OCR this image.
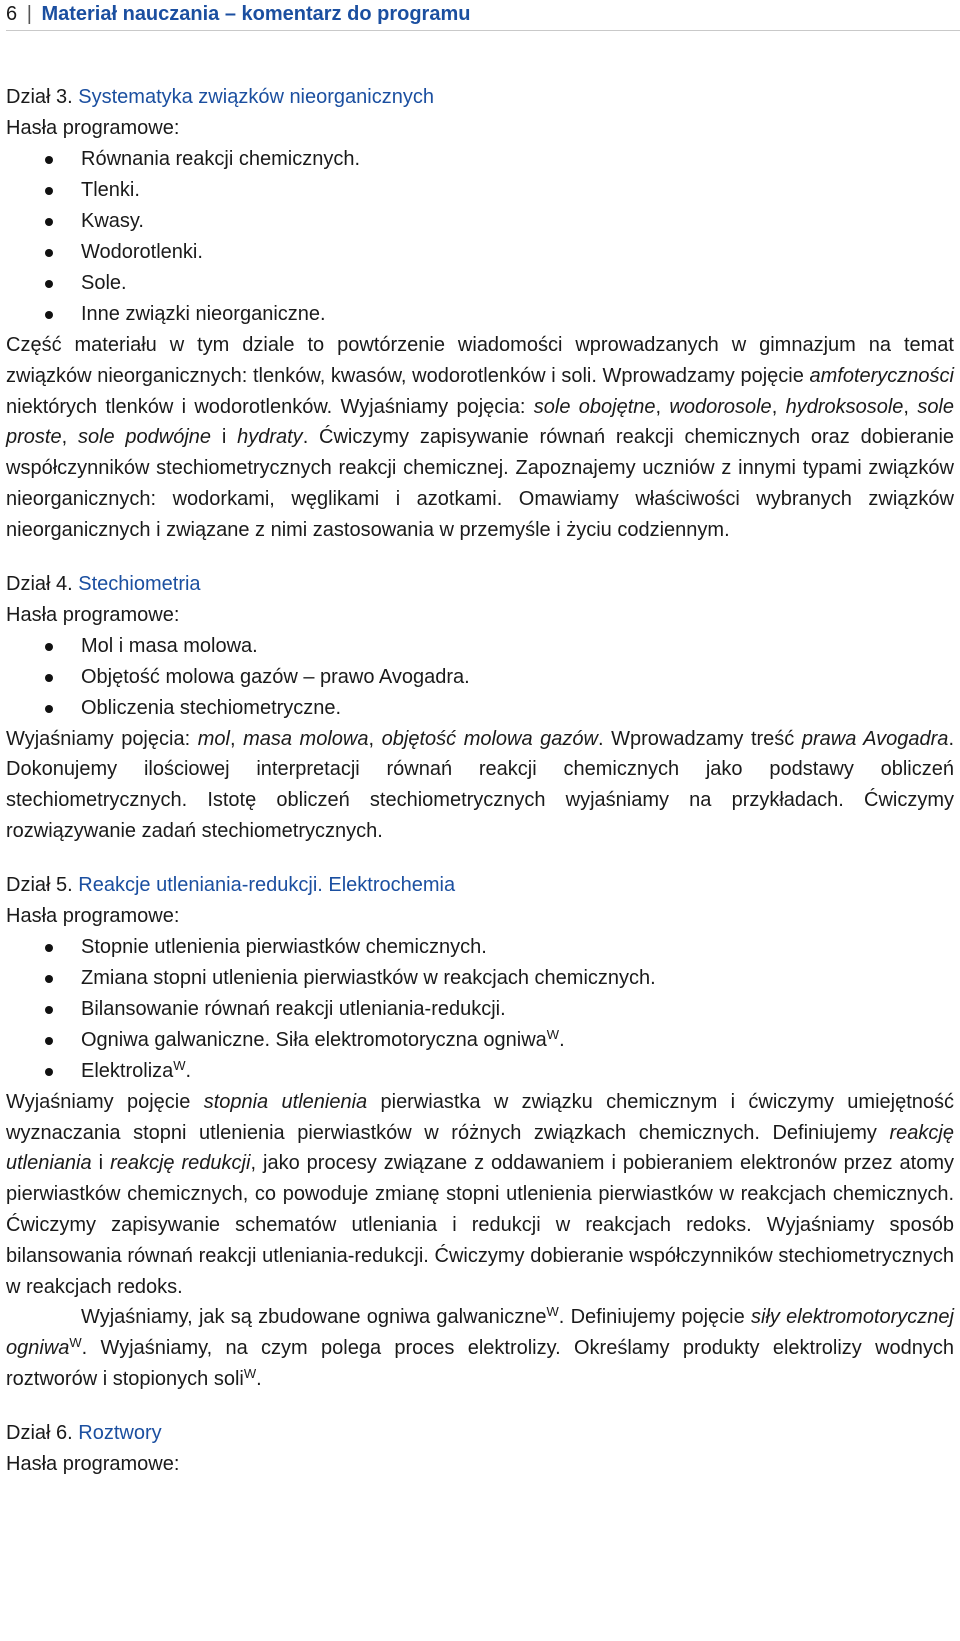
6 | Materiał nauczania – komentarz do programu
Dział 3. Systematyka związków nieorganicznych

Hasła programowe:

Równania reakcji chemicznych.
Tlenki.
Kwasy.
Wodorotlenki.
Sole.
Inne związki nieorganiczne.

Część materiału w tym dziale to powtórzenie wiadomości wprowadzanych w gimnazjum na temat związków nieorganicznych: tlenków, kwasów, wodorotlenków i soli. Wprowadzamy pojęcie amfoteryczności niektórych tlenków i wodorotlenków. Wyjaśniamy pojęcia: sole obojętne, wodorosole, hydroksosole, sole proste, sole podwójne i hydraty. Ćwiczymy zapisywanie równań reakcji chemicznych oraz dobieranie współczynników stechiometrycznych reakcji chemicznej. Zapoznajemy uczniów z innymi typami związków nieorganicznych: wodorkami, węglikami i azotkami. Omawiamy właściwości wybranych związków nieorganicznych i związane z nimi zastosowania w przemyśle i życiu codziennym.

Dział 4. Stechiometria

Hasła programowe:

Mol i masa molowa.
Objętość molowa gazów – prawo Avogadra.
Obliczenia stechiometryczne.

Wyjaśniamy pojęcia: mol, masa molowa, objętość molowa gazów. Wprowadzamy treść prawa Avogadra. Dokonujemy ilościowej interpretacji równań reakcji chemicznych jako podstawy obliczeń stechiometrycznych. Istotę obliczeń stechiometrycznych wyjaśniamy na przykładach. Ćwiczymy rozwiązywanie zadań stechiometrycznych.

Dział 5. Reakcje utleniania-redukcji. Elektrochemia

Hasła programowe:

Stopnie utlenienia pierwiastków chemicznych.
Zmiana stopni utlenienia pierwiastków w reakcjach chemicznych.
Bilansowanie równań reakcji utleniania-redukcji.
Ogniwa galwaniczne. Siła elektromotoryczna ogniwa$^W$.
Elektroliza$^W$.

Wyjaśniamy pojęcie stopnia utlenienia pierwiastka w związku chemicznym i ćwiczymy umiejętność wyznaczania stopni utlenienia pierwiastków w różnych związkach chemicznych. Definiujemy reakcję utleniania i reakcję redukcji, jako procesy związane z oddawaniem i pobieraniem elektronów przez atomy pierwiastków chemicznych, co powoduje zmianę stopni utlenienia pierwiastków w reakcjach chemicznych. Ćwiczymy zapisywanie schematów utleniania i redukcji w reakcjach redoks. Wyjaśniamy sposób bilansowania równań reakcji utleniania-redukcji. Ćwiczymy dobieranie współczynników stechiometrycznych w reakcjach redoks.

Wyjaśniamy, jak są zbudowane ogniwa galwaniczne$^W$. Definiujemy pojęcie siły elektromotorycznej ogniwa$^W$. Wyjaśniamy, na czym polega proces elektrolizy. Określamy produkty elektrolizy wodnych roztworów i stopionych soli$^W$.

Dział 6. Roztwory

Hasła programowe:
